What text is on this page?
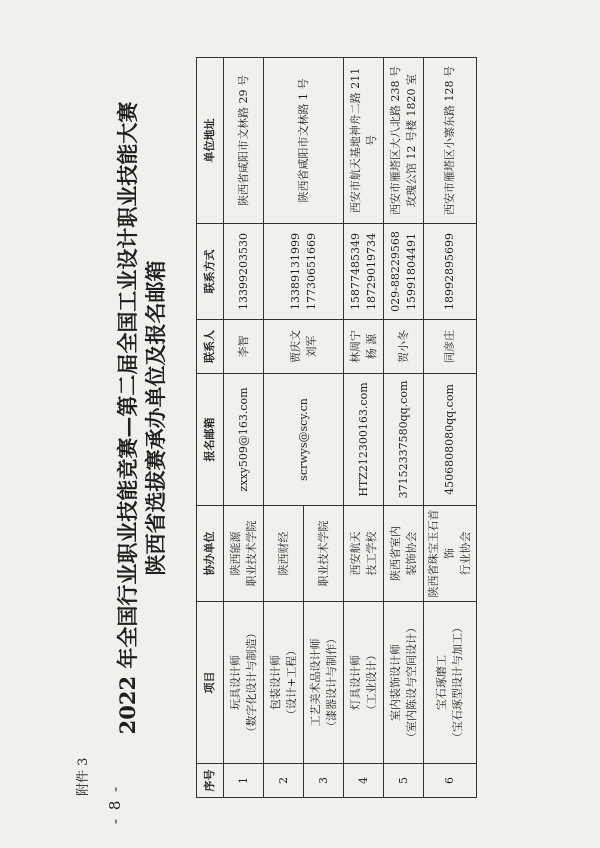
- 8 -
附件 3
2022 年全国行业职业技能竞赛—第二届全国工业设计职业技能大赛 陕西省选拔赛承办单位及报名邮箱
序号	项目	协办单位	报名邮箱	联系人	联系方式	单位地址

1	玩具设计师
（数字化设计与制造）	陕西能源
职业技术学院	zxxy509@163.com	李智	13399203530	陕西省咸阳市文林路 29 号

2	包装设计师
（设计+工程）	陕西财经	scrwys@scy.cn	贾庆文
刘军	13389131999
17730651669	陕西省咸阳市文林路 1 号

3	工艺美术品设计师
（漆器设计与制作）	职业技术学院				

4	灯具设计师
（工业设计）	西安航天
技工学校	HTZ212300163.com	林周宁
杨 源	15877485349
18729019734	西安市航天基地神舟二路 211 号

5	室内装饰设计师
（室内陈设与空间设计）	陕西省室内
装饰协会	37152337580qq.com	贺小冬	029-88229568
15991804491	西安市雁塔区大八北路 238 号
玫瑰公馆 12 号楼 1820 室

6	宝石琢磨工
（宝石琢型设计与加工）	陕西省珠宝玉石首饰
行业协会	4506808080qq.com	同彦庄	18992895699	西安市雁塔区小寨东路 128 号
